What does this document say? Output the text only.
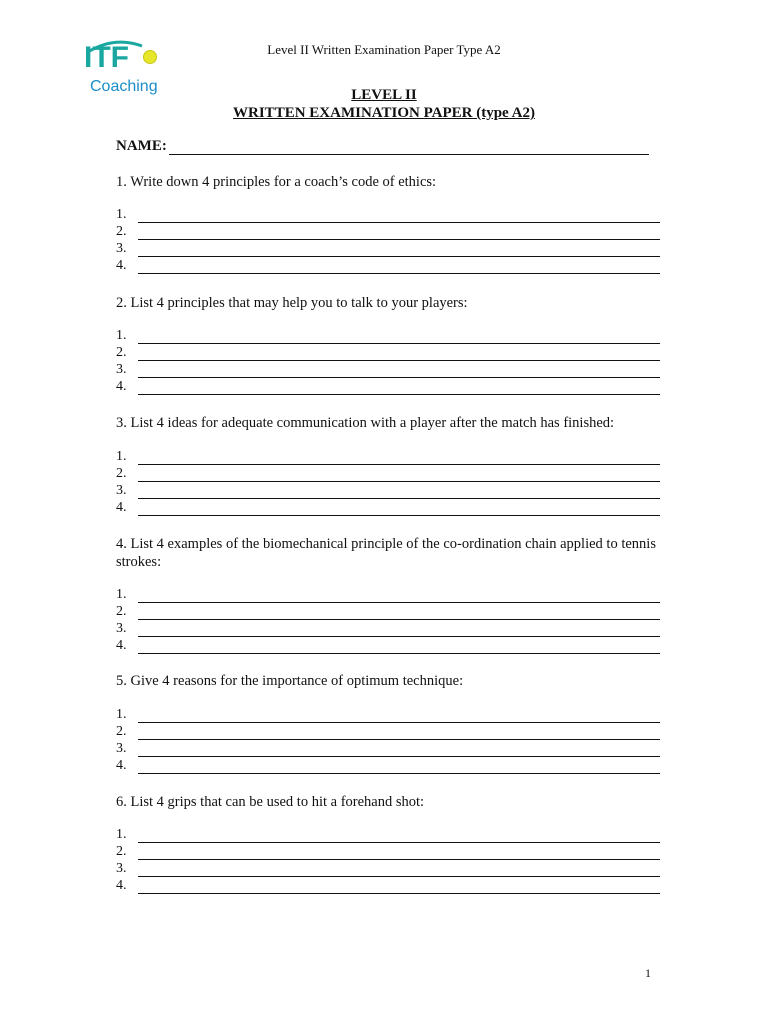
ITF
Coaching
Level II Written Examination Paper Type A2
LEVEL II
WRITTEN EXAMINATION PAPER (type A2)
NAME:
1. Write down 4 principles for a coach’s code of ethics:
1.
2.
3.
4.
2. List 4 principles that may help you to talk to your players:
1.
2.
3.
4.
3. List 4 ideas for adequate communication with a player after the match has finished:
1.
2.
3.
4.
4. List 4 examples of the biomechanical principle of the co-ordination chain applied to tennis strokes:
1.
2.
3.
4.
5. Give 4 reasons for the importance of optimum technique:
1.
2.
3.
4.
6. List 4 grips that can be used to hit a forehand shot:
1.
2.
3.
4.
1
